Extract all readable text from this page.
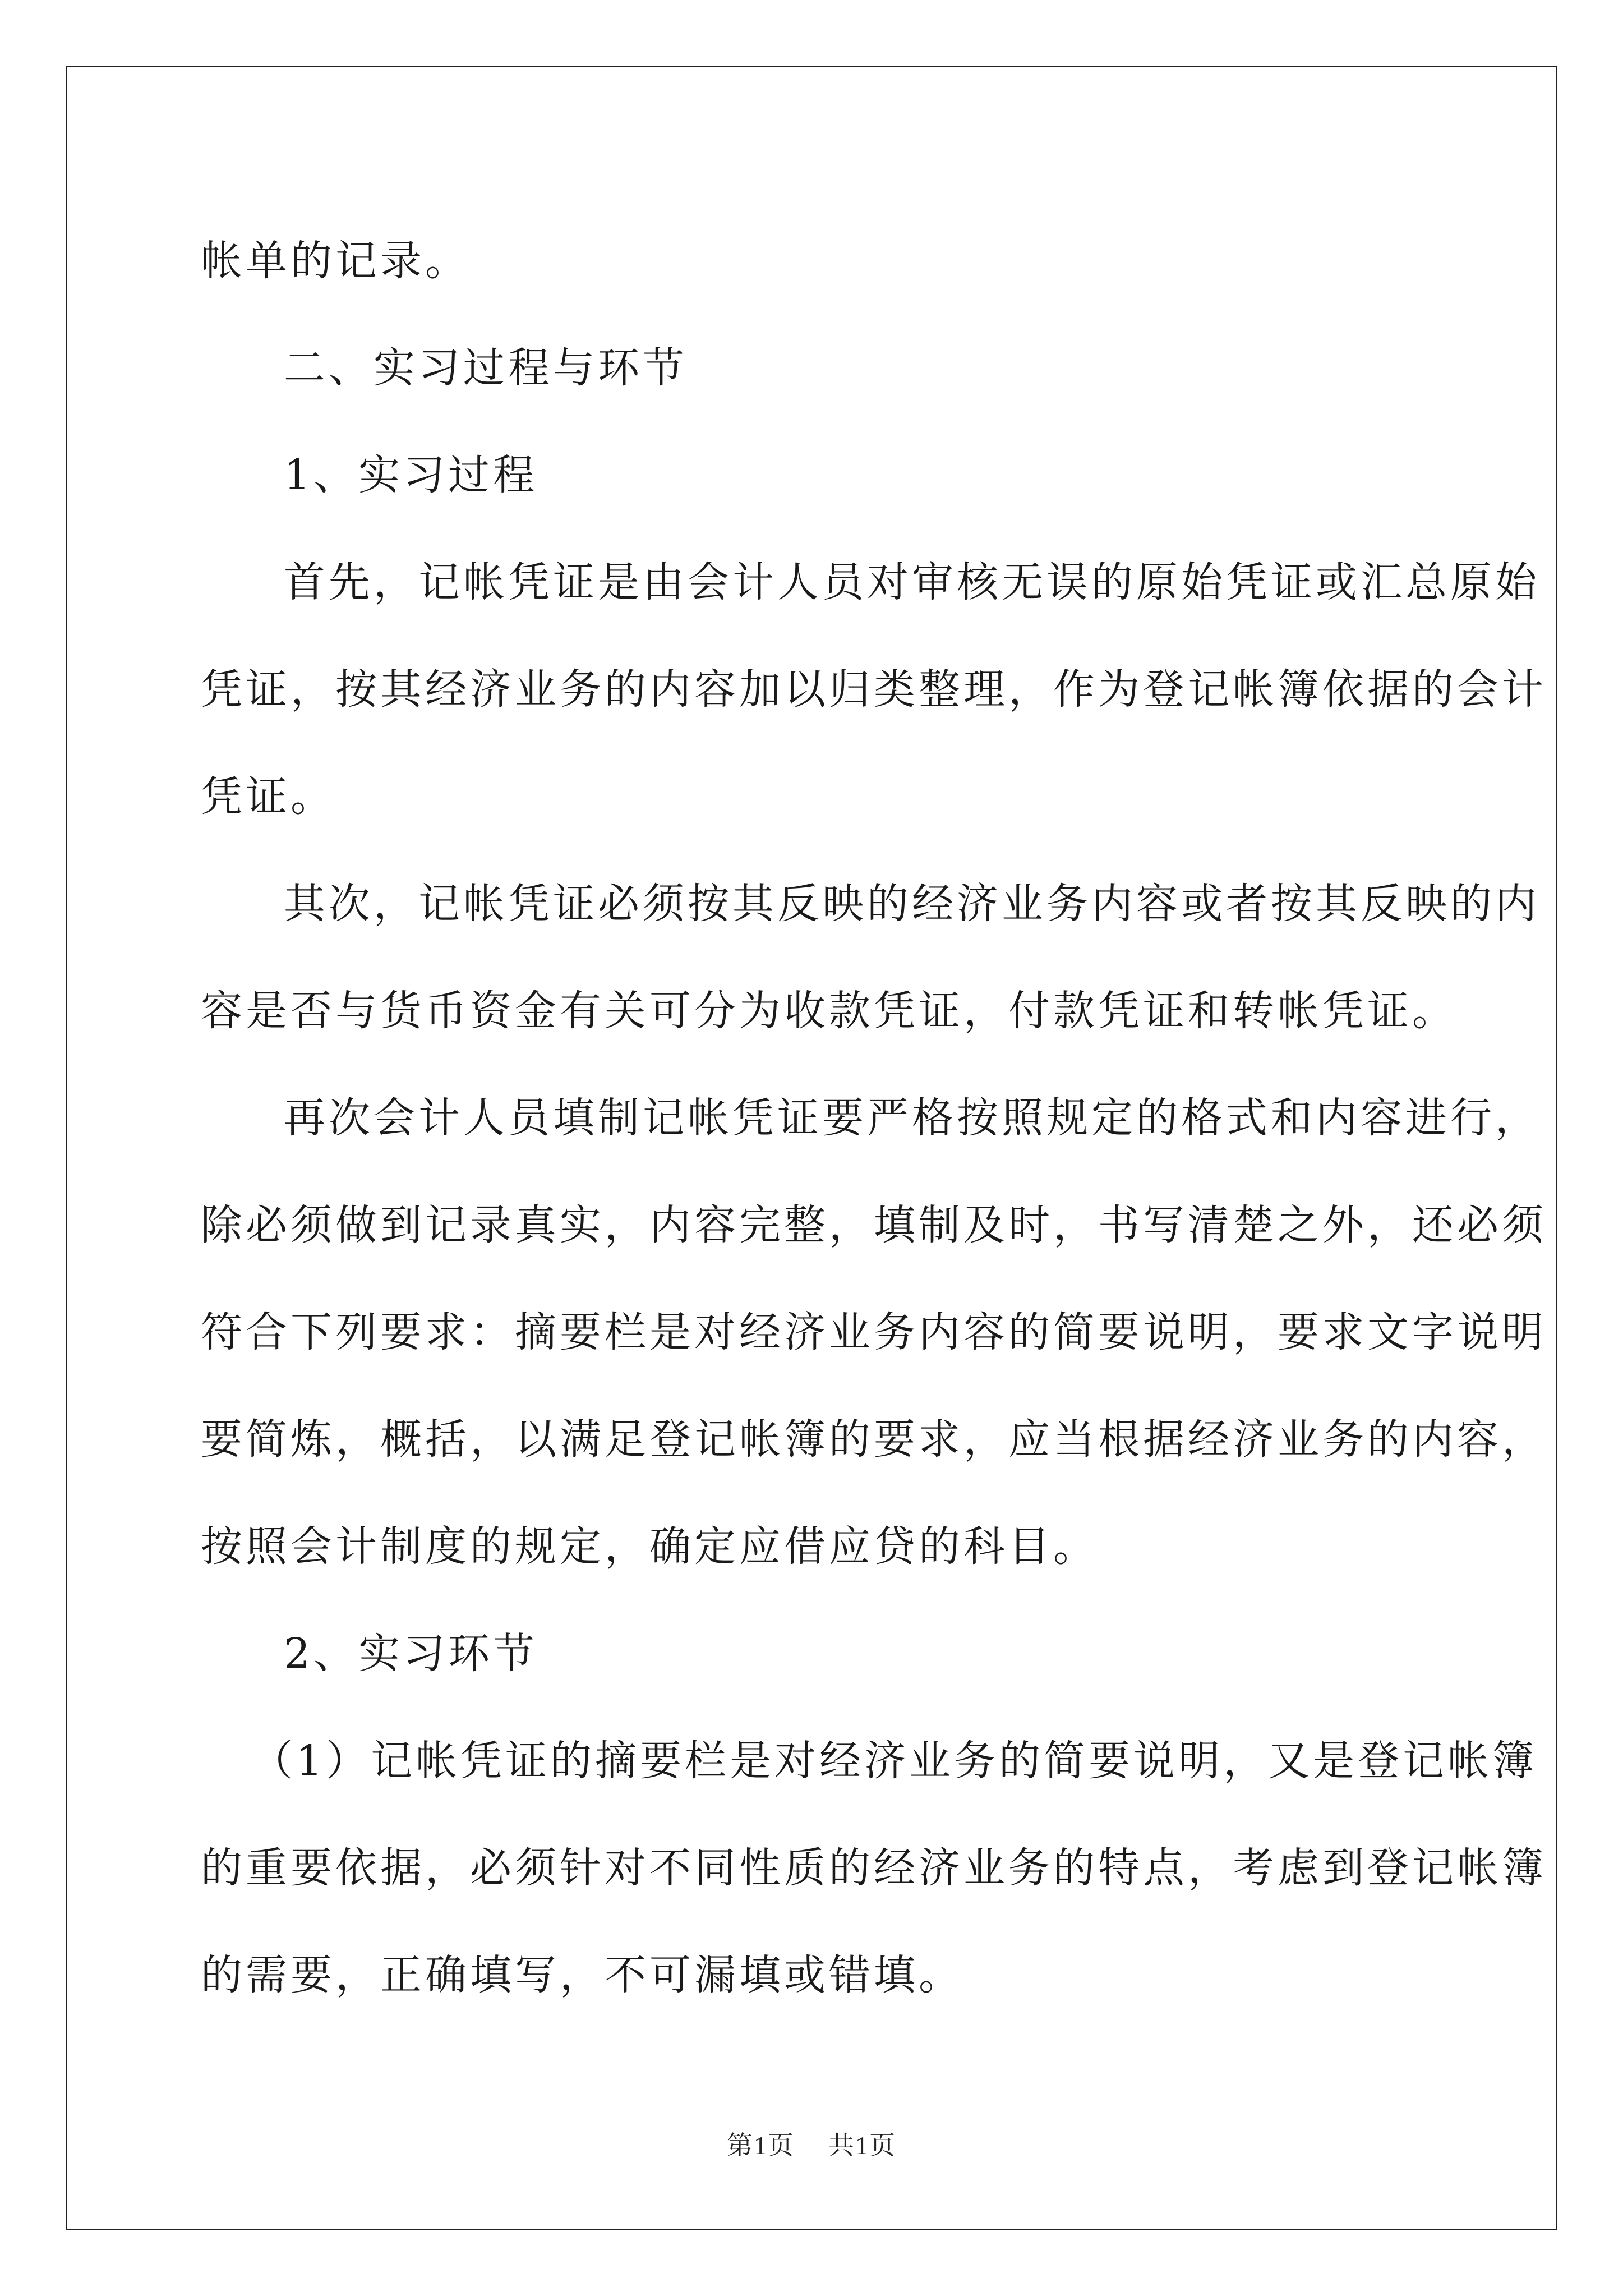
帐单的记录。
二、实习过程与环节
1、实习过程
首先，记帐凭证是由会计人员对审核无误的原始凭证或汇总原始
凭证，按其经济业务的内容加以归类整理，作为登记帐簿依据的会计
凭证。
其次，记帐凭证必须按其反映的经济业务内容或者按其反映的内
容是否与货币资金有关可分为收款凭证，付款凭证和转帐凭证。
再次会计人员填制记帐凭证要严格按照规定的格式和内容进行，
除必须做到记录真实，内容完整，填制及时，书写清楚之外，还必须
符合下列要求：摘要栏是对经济业务内容的简要说明，要求文字说明
要简炼，概括，以满足登记帐簿的要求，应当根据经济业务的内容，
按照会计制度的规定，确定应借应贷的科目。
2、实习环节
（1）记帐凭证的摘要栏是对经济业务的简要说明，又是登记帐簿
的重要依据，必须针对不同性质的经济业务的特点，考虑到登记帐簿
的需要，正确填写，不可漏填或错填。
第1页 共1页
